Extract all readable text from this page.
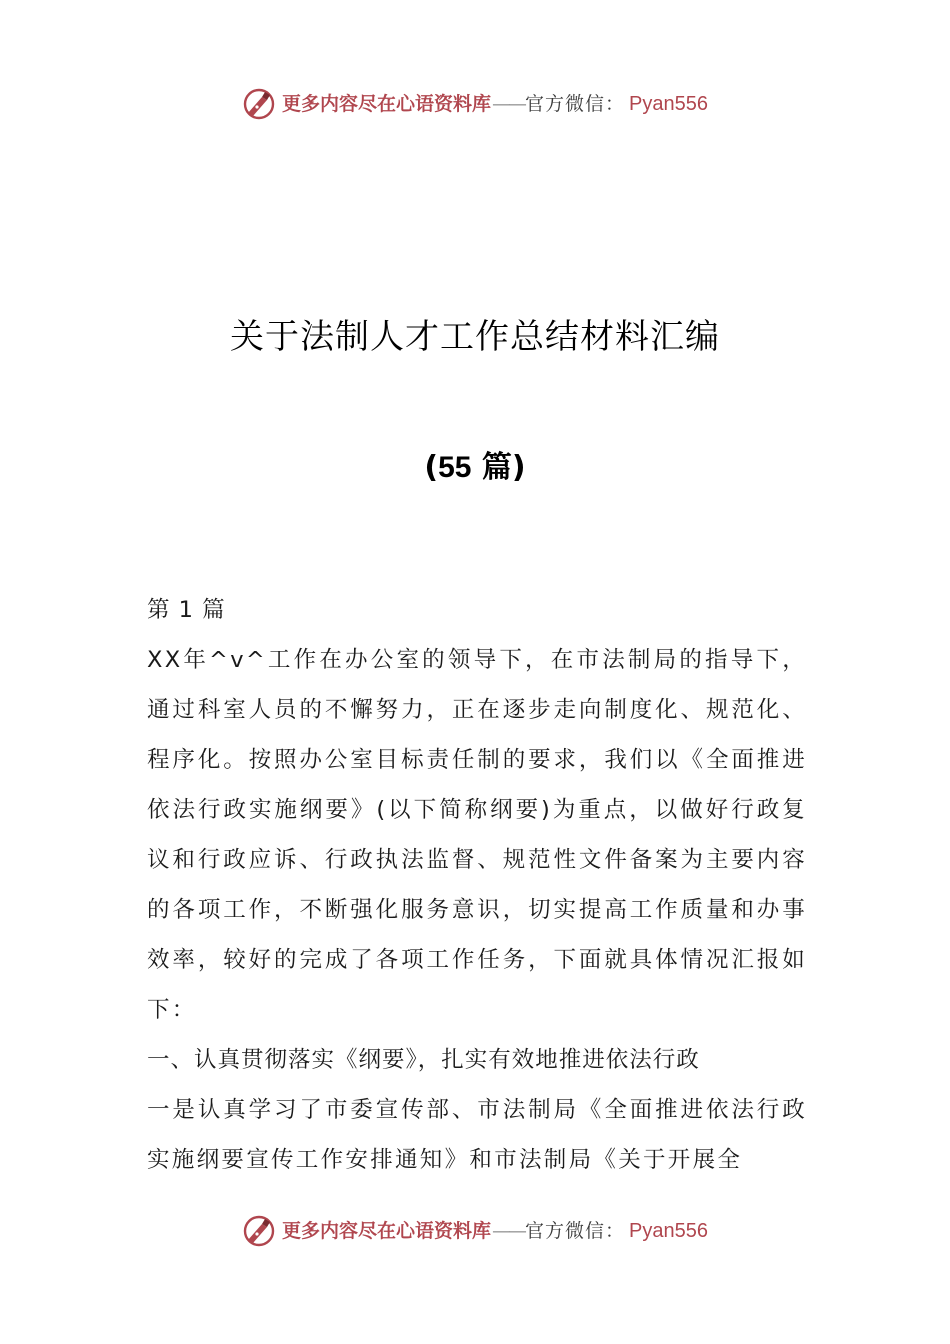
更多内容尽在心语资料库 —— 官方微信： Pyan556
关于法制人才工作总结材料汇编
(55 篇)

第 1 篇

XX年^v^工作在办公室的领导下，在市法制局的指导下，通过科室人员的不懈努力，正在逐步走向制度化、规范化、程序化。按照办公室目标责任制的要求，我们以《全面推进依法行政实施纲要》(以下简称纲要)为重点，以做好行政复议和行政应诉、行政执法监督、规范性文件备案为主要内容的各项工作，不断强化服务意识，切实提高工作质量和办事效率，较好的完成了各项工作任务，下面就具体情况汇报如下：

一、认真贯彻落实《纲要》，扎实有效地推进依法行政

一是认真学习了市委宣传部、市法制局《全面推进依法行政实施纲要宣传工作安排通知》和市法制局《关于开展全

更多内容尽在心语资料库 —— 官方微信： Pyan556
